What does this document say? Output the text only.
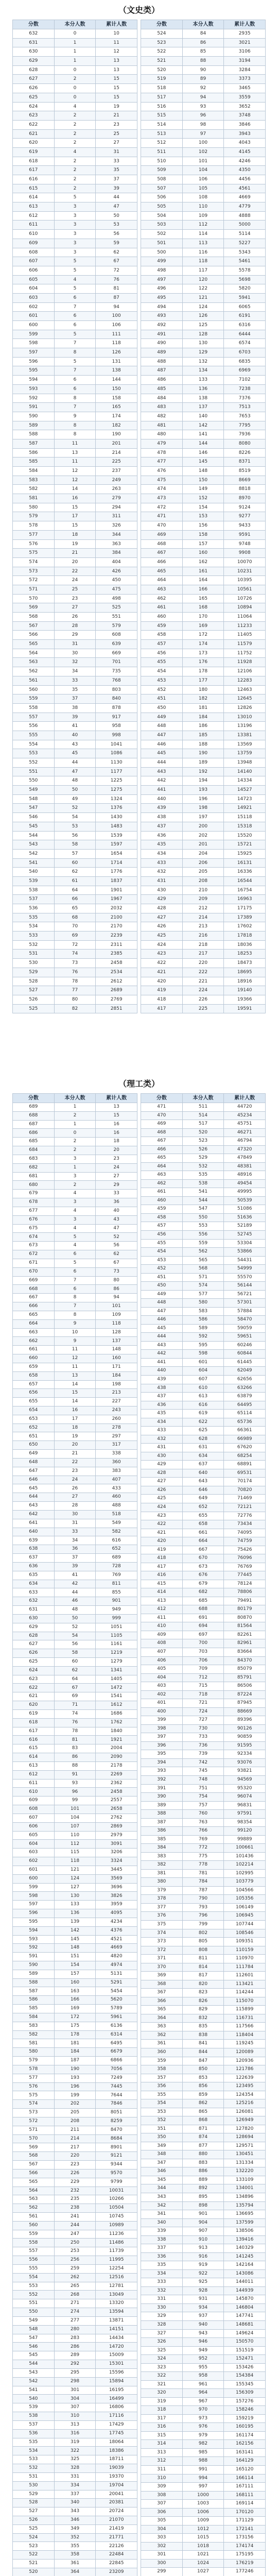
（文史类）
分数	本分人数	累计人数
632	0	10
631	1	11
630	1	12
629	1	13
628	0	13
627	2	15
626	0	15
625	0	15
624	4	19
623	2	21
622	2	23
621	2	25
620	2	27
619	4	31
618	2	33
617	2	35
616	2	37
615	2	39
614	5	44
613	3	47
612	3	50
611	3	53
610	3	56
609	3	59
608	3	62
607	5	67
606	5	72
605	4	76
604	5	81
603	6	87
602	7	94
601	6	100
600	6	106
599	5	111
598	7	118
597	8	126
596	5	131
595	7	138
594	6	144
593	6	150
592	8	158
591	7	165
590	9	174
589	8	182
588	8	190
587	11	201
586	13	214
585	11	225
584	12	237
583	12	249
582	14	263
581	16	279
580	15	294
579	17	311
578	15	326
577	18	344
576	19	363
575	21	384
574	20	404
573	22	426
572	24	450
571	25	475
570	23	498
569	27	525
568	26	551
567	28	579
566	29	608
565	31	639
564	30	669
563	32	701
562	34	735
561	33	768
560	35	803
559	37	840
558	38	878
557	39	917
556	41	958
555	40	998
554	43	1041
553	45	1086
552	44	1130
551	47	1177
550	48	1225
549	50	1275
548	49	1324
547	52	1376
546	54	1430
545	53	1483
544	56	1539
543	58	1597
542	57	1654
541	60	1714
540	62	1776
539	61	1837
538	64	1901
537	66	1967
536	65	2032
535	68	2100
534	70	2170
533	69	2239
532	72	2311
531	74	2385
530	73	2458
529	76	2534
528	78	2612
527	77	2689
526	80	2769
525	82	2851
分数	本分人数	累计人数
524	84	2935
523	86	3021
522	85	3106
521	88	3194
520	90	3284
519	89	3373
518	92	3465
517	94	3559
516	93	3652
515	96	3748
514	98	3846
513	97	3943
512	100	4043
511	102	4145
510	101	4246
509	104	4350
508	106	4456
507	105	4561
506	108	4669
505	110	4779
504	109	4888
503	112	5000
502	114	5114
501	113	5227
500	116	5343
499	118	5461
498	117	5578
497	120	5698
496	122	5820
495	121	5941
494	124	6065
493	126	6191
492	125	6316
491	128	6444
490	130	6574
489	129	6703
488	132	6835
487	134	6969
486	133	7102
485	136	7238
484	138	7376
483	137	7513
482	140	7653
481	142	7795
480	141	7936
479	144	8080
478	146	8226
477	145	8371
476	148	8519
475	150	8669
474	149	8818
473	152	8970
472	154	9124
471	153	9277
470	156	9433
469	158	9591
468	157	9748
467	160	9908
466	162	10070
465	161	10231
464	164	10395
463	166	10561
462	165	10726
461	168	10894
460	170	11064
459	169	11233
458	172	11405
457	174	11579
456	173	11752
455	176	11928
454	178	12106
453	177	12283
452	180	12463
451	182	12645
450	181	12826
449	184	13010
448	186	13196
447	185	13381
446	188	13569
445	190	13759
444	189	13948
443	192	14140
442	194	14334
441	193	14527
440	196	14723
439	198	14921
438	197	15118
437	200	15318
436	202	15520
435	201	15721
434	204	15925
433	206	16131
432	205	16336
431	208	16544
430	210	16754
429	209	16963
428	212	17175
427	214	17389
426	213	17602
425	216	17818
424	218	18036
423	217	18253
422	220	18473
421	222	18695
420	221	18916
419	224	19140
418	226	19366
417	225	19591
（理工类）
分数	本分人数	累计人数
689	1	13
688	2	15
687	1	16
686	0	16
685	2	18
684	2	20
683	3	23
682	1	24
681	3	27
680	2	29
679	4	33
678	3	36
677	4	40
676	3	43
675	4	47
674	5	52
673	4	56
672	6	62
671	5	67
670	6	73
669	7	80
668	6	86
667	8	94
666	7	101
665	8	109
664	9	118
663	10	128
662	9	137
661	11	148
660	12	160
659	11	171
658	13	184
657	14	198
656	15	213
655	14	227
654	16	243
653	17	260
652	18	278
651	19	297
650	20	317
649	21	338
648	22	360
647	23	383
646	24	407
645	26	433
644	27	460
643	28	488
642	30	518
641	31	549
640	33	582
639	34	616
638	36	652
637	37	689
636	39	728
635	41	769
634	42	811
633	44	855
632	46	901
631	48	949
630	50	999
629	52	1051
628	54	1105
627	56	1161
626	58	1219
625	60	1279
624	62	1341
623	64	1405
622	67	1472
621	69	1541
620	71	1612
619	74	1686
618	76	1762
617	78	1840
616	81	1921
615	83	2004
614	86	2090
613	88	2178
612	91	2269
611	93	2362
610	96	2458
609	99	2557
608	101	2658
607	104	2762
606	107	2869
605	110	2979
604	112	3091
603	115	3206
602	118	3324
601	121	3445
600	124	3569
599	127	3696
598	130	3826
597	133	3959
596	136	4095
595	139	4234
594	142	4376
593	145	4521
592	148	4669
591	151	4820
590	154	4974
589	157	5131
588	160	5291
587	163	5454
586	166	5620
585	169	5789
584	172	5961
583	175	6136
582	178	6314
581	181	6495
580	184	6679
579	187	6866
578	190	7056
577	193	7249
576	196	7445
575	199	7644
574	202	7846
573	205	8051
572	208	8259
571	211	8470
570	214	8684
569	217	8901
568	220	9121
567	223	9344
566	226	9570
565	229	9799
564	232	10031
563	235	10266
562	238	10504
561	241	10745
560	244	10989
559	247	11236
558	250	11486
557	253	11739
556	256	11995
555	259	12254
554	262	12516
553	265	12781
552	268	13049
551	271	13320
550	274	13594
549	277	13871
548	280	14151
547	283	14434
546	286	14720
545	289	15009
544	292	15301
543	295	15596
542	298	15894
541	301	16195
540	304	16499
539	307	16806
538	310	17116
537	313	17429
536	316	17745
535	319	18064
534	322	18386
533	325	18711
532	328	19039
531	331	19370
530	334	19704
529	337	20041
528	340	20381
527	343	20724
526	346	21070
525	349	21419
524	352	21771
523	355	22126
522	358	22484
521	361	22845
520	364	23209

分数	本分人数	累计人数
471	511	44720
470	514	45234
469	517	45751
468	520	46271
467	523	46794
466	526	47320
465	529	47849
464	532	48381
463	535	48916
462	538	49454
461	541	49995
460	544	50539
459	547	51086
458	550	51636
457	553	52189
456	556	52745
455	559	53304
454	562	53866
453	565	54431
452	568	54999
451	571	55570
450	574	56144
449	577	56721
448	580	57301
447	583	57884
446	586	58470
445	589	59059
444	592	59651
443	595	60246
442	598	60844
441	601	61445
440	604	62049
439	607	62656
438	610	63266
437	613	63879
436	616	64495
435	619	65114
434	622	65736
433	625	66361
432	628	66989
431	631	67620
430	634	68254
429	637	68891
428	640	69531
427	643	70174
426	646	70820
425	649	71469
424	652	72121
423	655	72776
422	658	73434
421	661	74095
420	664	74759
419	667	75426
418	670	76096
417	673	76769
416	676	77445
415	679	78124
414	682	78806
413	685	79491
412	688	80179
411	691	80870
410	694	81564
409	697	82261
408	700	82961
407	703	83664
406	706	84370
405	709	85079
404	712	85791
403	715	86506
402	718	87224
401	721	87945
400	724	88669
399	727	89396
398	730	90126
397	733	90859
396	736	91595
395	739	92334
394	742	93076
393	745	93821
392	748	94569
391	751	95320
390	754	96074
389	757	96831
388	760	97591
387	763	98354
386	766	99120
385	769	99889
384	772	100661
383	775	101436
382	778	102214
381	781	102995
380	784	103779
379	787	104566
378	790	105356
377	793	106149
376	796	106945
375	799	107744
374	802	108546
373	805	109351
372	808	110159
371	811	110970
370	814	111784
369	817	112601
368	820	113421
367	823	114244
366	826	115070
365	829	115899
364	832	116731
363	835	117566
362	838	118404
361	841	119245
360	844	120089
359	847	120936
358	850	121786
357	853	122639
356	856	123495
355	859	124354
354	862	125216
353	865	126081
352	868	126949
351	871	127820
350	874	128694
349	877	129571
348	880	130451
347	883	131334
346	886	132220
345	889	133109
344	892	134001
343	895	134896
342	898	135794
341	901	136695
340	904	137599
339	907	138506
338	910	139416
337	913	140329
336	916	141245
335	919	142164
334	922	143086
333	925	144011
332	928	144939
331	931	145870
330	934	146804
329	937	147741
328	940	148681
327	943	149624
326	946	150570
325	949	151519
324	952	152471
323	955	153426
322	958	154384
321	961	155345
320	964	156309
319	967	157276
318	970	158246
317	973	159219
316	976	160195
315	979	161174
314	982	162156
313	985	163141
312	988	164129
311	991	165120
310	994	166114
309	997	167111
308	1000	168111
307	1003	169114
306	1006	170120
305	1009	171129
304	1012	172141
303	1015	173156
302	1018	174174
301	1021	175195
300	1024	176219
299	1027	177246
